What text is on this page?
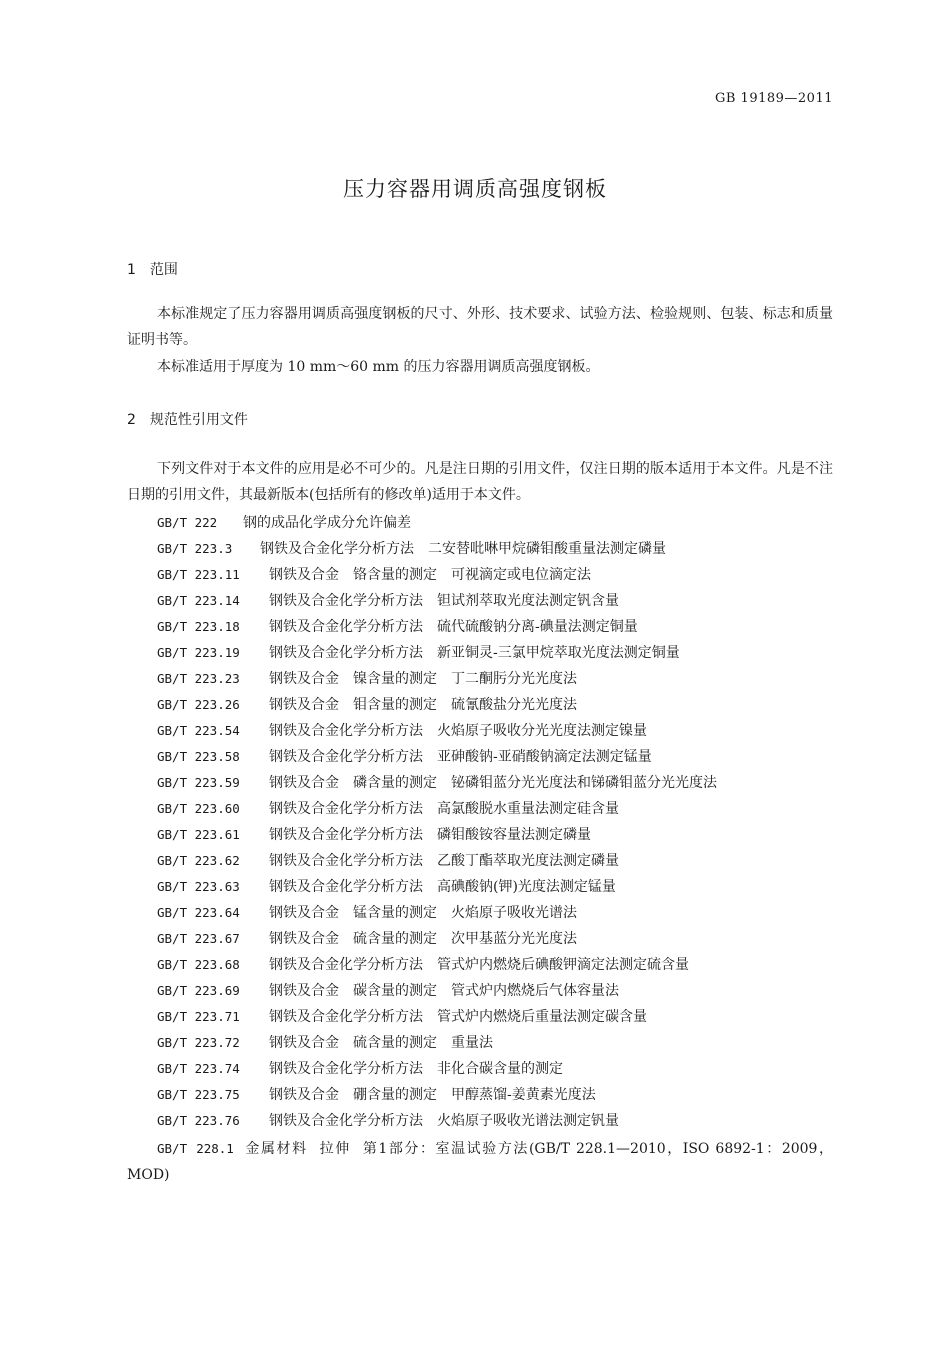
GB 19189—2011
压力容器用调质高强度钢板
1 范围

本标准规定了压力容器用调质高强度钢板的尺寸、外形、技术要求、试验方法、检验规则、包装、标志和质量证明书等。

本标准适用于厚度为 10 mm～60 mm 的压力容器用调质高强度钢板。

2 规范性引用文件

下列文件对于本文件的应用是必不可少的。凡是注日期的引用文件，仅注日期的版本适用于本文件。凡是不注日期的引用文件，其最新版本(包括所有的修改单)适用于本文件。

GB/T 222 钢的成品化学成分允许偏差
GB/T 223.3 钢铁及合金化学分析方法 二安替吡啉甲烷磷钼酸重量法测定磷量
GB/T 223.11 钢铁及合金 铬含量的测定 可视滴定或电位滴定法
GB/T 223.14 钢铁及合金化学分析方法 钽试剂萃取光度法测定钒含量
GB/T 223.18 钢铁及合金化学分析方法 硫代硫酸钠分离-碘量法测定铜量
GB/T 223.19 钢铁及合金化学分析方法 新亚铜灵-三氯甲烷萃取光度法测定铜量
GB/T 223.23 钢铁及合金 镍含量的测定 丁二酮肟分光光度法
GB/T 223.26 钢铁及合金 钼含量的测定 硫氰酸盐分光光度法
GB/T 223.54 钢铁及合金化学分析方法 火焰原子吸收分光光度法测定镍量
GB/T 223.58 钢铁及合金化学分析方法 亚砷酸钠-亚硝酸钠滴定法测定锰量
GB/T 223.59 钢铁及合金 磷含量的测定 铋磷钼蓝分光光度法和锑磷钼蓝分光光度法
GB/T 223.60 钢铁及合金化学分析方法 高氯酸脱水重量法测定硅含量
GB/T 223.61 钢铁及合金化学分析方法 磷钼酸铵容量法测定磷量
GB/T 223.62 钢铁及合金化学分析方法 乙酸丁酯萃取光度法测定磷量
GB/T 223.63 钢铁及合金化学分析方法 高碘酸钠(钾)光度法测定锰量
GB/T 223.64 钢铁及合金 锰含量的测定 火焰原子吸收光谱法
GB/T 223.67 钢铁及合金 硫含量的测定 次甲基蓝分光光度法
GB/T 223.68 钢铁及合金化学分析方法 管式炉内燃烧后碘酸钾滴定法测定硫含量
GB/T 223.69 钢铁及合金 碳含量的测定 管式炉内燃烧后气体容量法
GB/T 223.71 钢铁及合金化学分析方法 管式炉内燃烧后重量法测定碳含量
GB/T 223.72 钢铁及合金 硫含量的测定 重量法
GB/T 223.74 钢铁及合金化学分析方法 非化合碳含量的测定
GB/T 223.75 钢铁及合金 硼含量的测定 甲醇蒸馏-姜黄素光度法
GB/T 223.76 钢铁及合金化学分析方法 火焰原子吸收光谱法测定钒量

GB/T 228.1 金属材料 拉伸 第1部分：室温试验方法(GB/T 228.1—2010，ISO 6892-1：2009，MOD)
